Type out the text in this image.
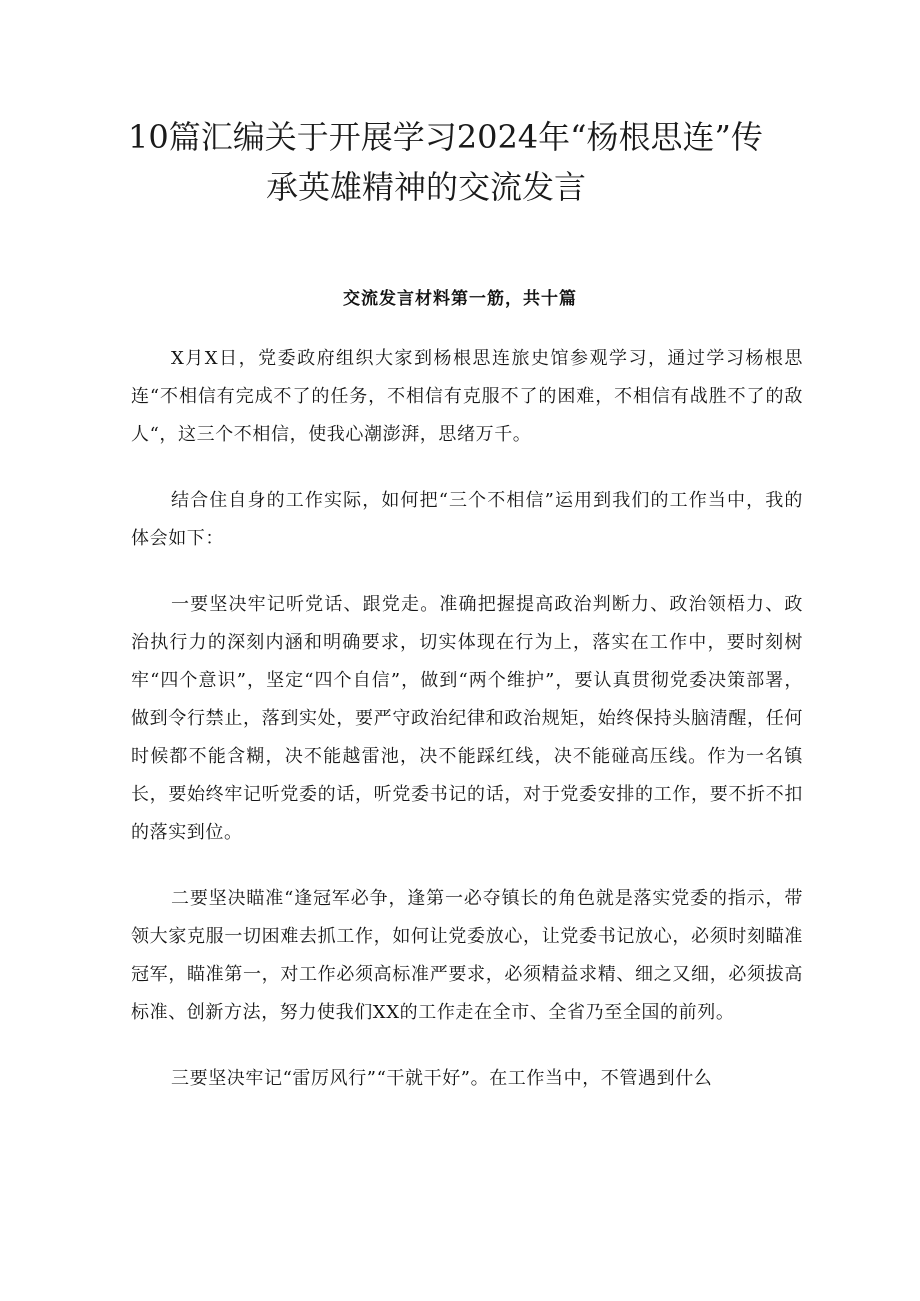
10篇汇编关于开展学习2024年“杨根思连”传
承英雄精神的交流发言
交流发言材料第一筋，共十篇

X月X日，党委政府组织大家到杨根思连旅史馆参观学习，通过学习杨根思连“不相信有完成不了的任务，不相信有克服不了的困难，不相信有战胜不了的敌人“，这三个不相信，使我心潮澎湃，思绪万千。

结合住自身的工作实际，如何把“三个不相信”运用到我们的工作当中，我的体会如下：

一要坚决牢记听党话、跟党走。准确把握提高政治判断力、政治领梧力、政治执行力的深刻内涵和明确要求，切实体现在行为上，落实在工作中，要时刻树牢“四个意识”，坚定“四个自信”，做到“两个维护”，要认真贯彻党委决策部署，做到令行禁止，落到实处，要严守政治纪律和政治规矩，始终保持头脑清醒，任何时候都不能含糊，决不能越雷池，决不能踩红线，决不能碰高压线。作为一名镇长，要始终牢记听党委的话，听党委书记的话，对于党委安排的工作，要不折不扣的落实到位。

二要坚决瞄准“逢冠军必争，逢第一必夺镇长的角色就是落实党委的指示，带领大家克服一切困难去抓工作，如何让党委放心，让党委书记放心，必须时刻瞄准冠军，瞄准第一，对工作必须高标准严要求，必须精益求精、细之又细，必须拔高标准、创新方法，努力使我们XX的工作走在全市、全省乃至全国的前列。

三要坚决牢记“雷厉风行”“干就干好”。在工作当中，不管遇到什么
